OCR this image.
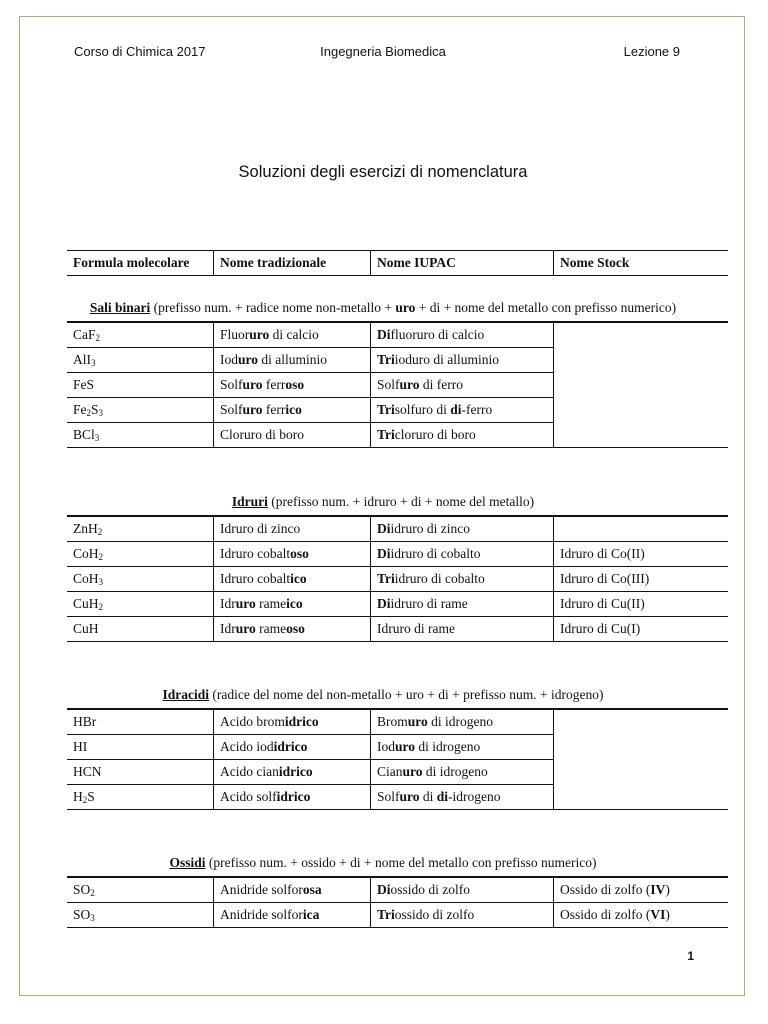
Corso di Chimica 2017	Ingegneria Biomedica	Lezione 9
Soluzioni degli esercizi di nomenclatura
Formula molecolare	Nome tradizionale	Nome IUPAC	Nome Stock
Sali binari (prefisso num. + radice nome non-metallo + uro + di + nome del metallo con prefisso numerico)
CaF$_2$	Fluoruro di calcio	Difluoruro di calcio	
AlI$_3$	Ioduro di alluminio	Triioduro di alluminio	
FeS	Solfuro ferroso	Solfuro di ferro	
$Fe_2S_3$	Solfuro ferrico	Trisolfuro di di-ferro	
BCl$_3$	Cloruro di boro	Tricloruro di boro	
Idruri (prefisso num. + idruro + di + nome del metallo)
ZnH$_2$	Idruro di zinco	Diidruro di zinco	
CoH$_2$	Idruro cobaltoso	Diidruro di cobalto	Idruro di Co(II)
CoH$_3$	Idruro cobaltico	Triidruro di cobalto	Idruro di Co(III)
CuH$_2$	Idruro rameico	Diidruro di rame	Idruro di Cu(II)
CuH	Idruro rameoso	Idruro di rame	Idruro di Cu(I)
Idracidi (radice del nome del non-metallo + uro + di + prefisso num. + idrogeno)
HBr	Acido bromidrico	Bromuro di idrogeno	
HI	Acido iodidrico	Ioduro di idrogeno	
HCN	Acido cianidrico	Cianuro di idrogeno	
$H_2S$	Acido solfidrico	Solfuro di di-idrogeno	
Ossidi (prefisso num. + ossido + di + nome del metallo con prefisso numerico)
$SO_2$	Anidride solforosa	Diossido di zolfo	Ossido di zolfo (IV)
$SO_3$	Anidride solforica	Triossido di zolfo	Ossido di zolfo (VI)
1
